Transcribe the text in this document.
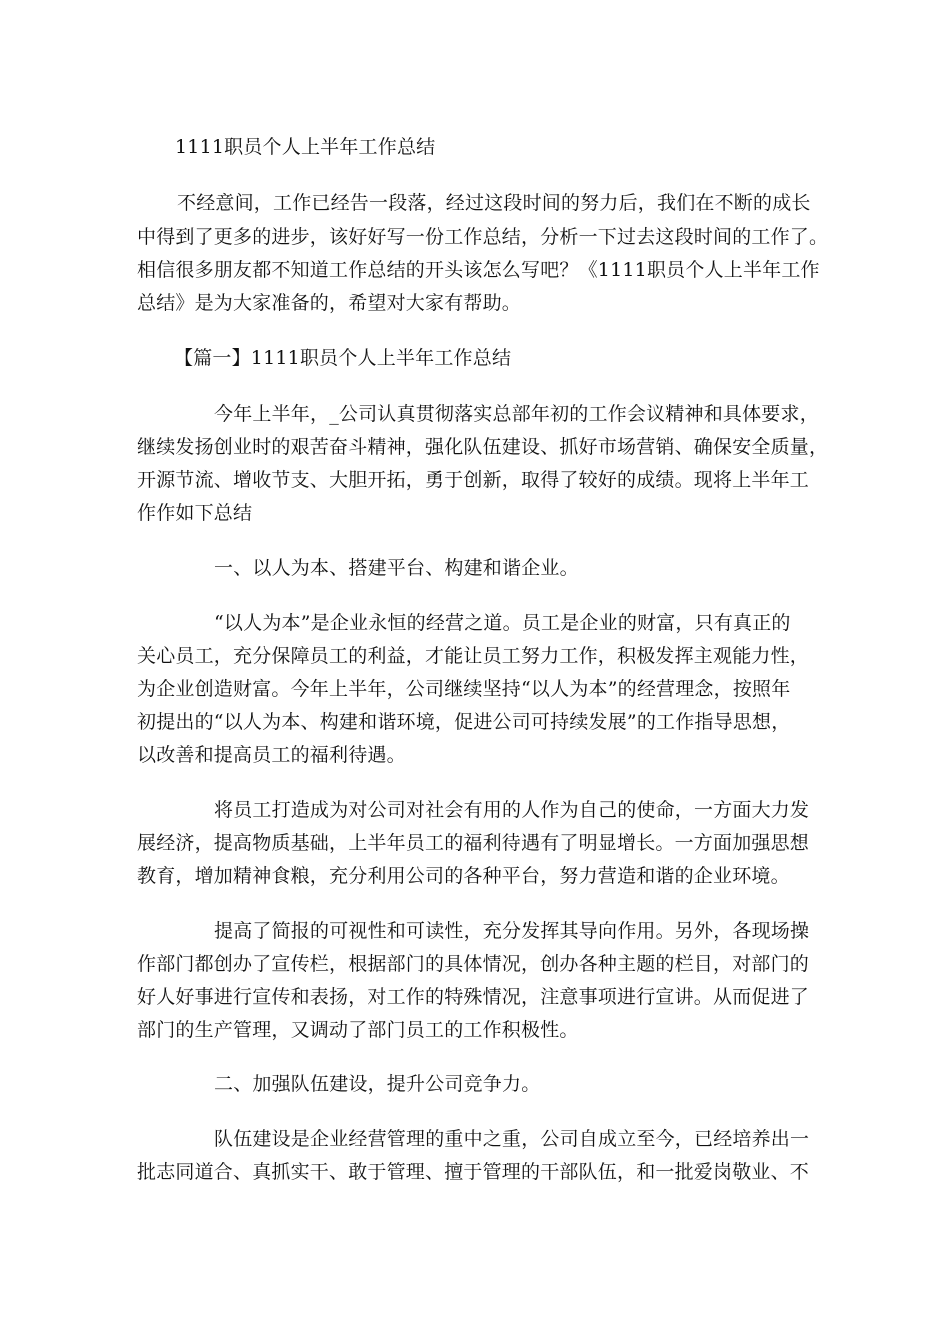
1111职员个人上半年工作总结
不经意间，工作已经告一段落，经过这段时间的努力后，我们在不断的成长
中得到了更多的进步，该好好写一份工作总结，分析一下过去这段时间的工作了。
相信很多朋友都不知道工作总结的开头该怎么写吧？《1111职员个人上半年工作
总结》是为大家准备的，希望对大家有帮助。
【篇一】1111职员个人上半年工作总结
今年上半年，_公司认真贯彻落实总部年初的工作会议精神和具体要求，
继续发扬创业时的艰苦奋斗精神，强化队伍建设、抓好市场营销、确保安全质量，
开源节流、增收节支、大胆开拓，勇于创新，取得了较好的成绩。现将上半年工
作作如下总结
一、以人为本、搭建平台、构建和谐企业。
“以人为本”是企业永恒的经营之道。员工是企业的财富，只有真正的
关心员工，充分保障员工的利益，才能让员工努力工作，积极发挥主观能力性，
为企业创造财富。今年上半年，公司继续坚持“以人为本”的经营理念，按照年
初提出的“以人为本、构建和谐环境，促进公司可持续发展”的工作指导思想，
以改善和提高员工的福利待遇。
将员工打造成为对公司对社会有用的人作为自己的使命，一方面大力发
展经济，提高物质基础，上半年员工的福利待遇有了明显增长。一方面加强思想
教育，增加精神食粮，充分利用公司的各种平台，努力营造和谐的企业环境。
提高了简报的可视性和可读性，充分发挥其导向作用。另外，各现场操
作部门都创办了宣传栏，根据部门的具体情况，创办各种主题的栏目，对部门的
好人好事进行宣传和表扬，对工作的特殊情况，注意事项进行宣讲。从而促进了
部门的生产管理，又调动了部门员工的工作积极性。
二、加强队伍建设，提升公司竞争力。
队伍建设是企业经营管理的重中之重，公司自成立至今，已经培养出一
批志同道合、真抓实干、敢于管理、擅于管理的干部队伍，和一批爱岗敬业、不
